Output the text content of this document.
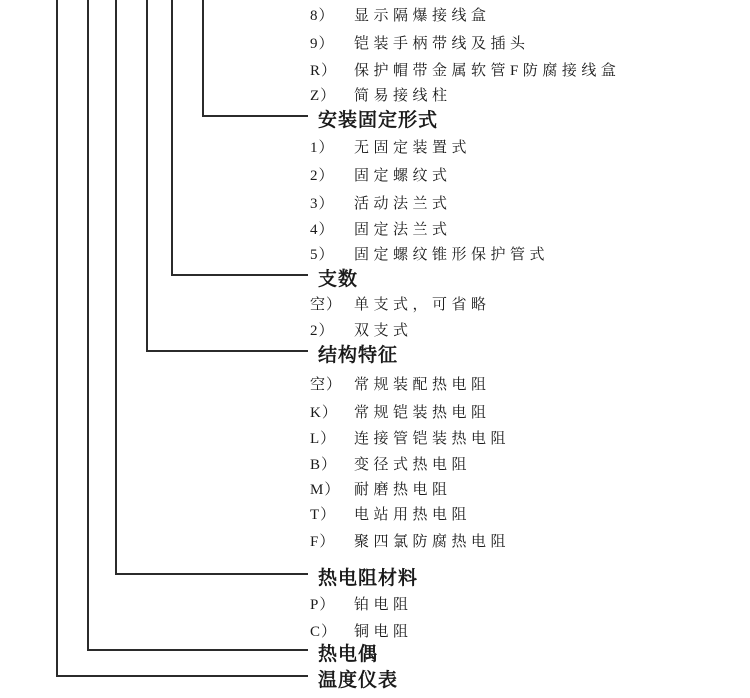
8）	显示隔爆接线盒
9）	铠装手柄带线及插头
R）	保护帽带金属软管F防腐接线盒
Z）	简易接线柱
安装固定形式
1）	无固定装置式
2）	固定螺纹式
3）	活动法兰式
4）	固定法兰式
5）	固定螺纹锥形保护管式
支数
空） 单支式，可省略
2）	双支式
结构特征
空） 常规装配热电阻
K）	常规铠装热电阻
L）	连接管铠装热电阻
B）	变径式热电阻
M） 耐磨热电阻
T）	电站用热电阻
F）	聚四氯防腐热电阻
热电阻材料
P）	铂电阻
C）	铜电阻
热电偶
温度仪表
